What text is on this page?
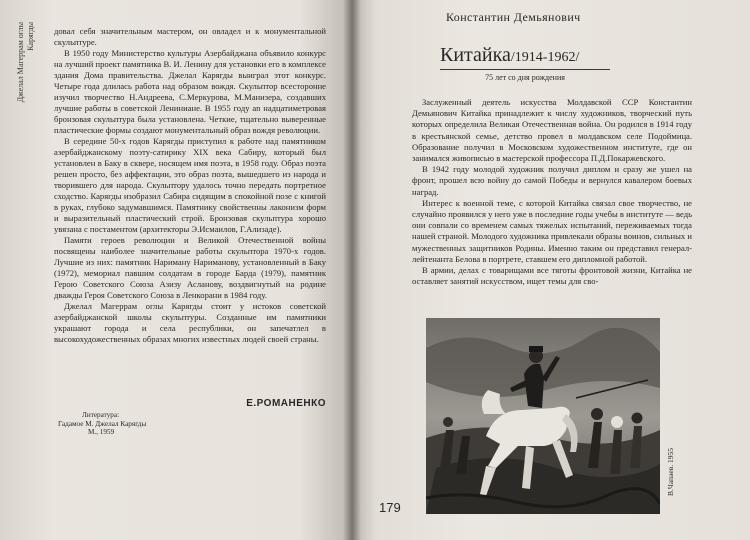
Джелал Магеррам оглы Карягды довал себя значительным мастером, он овладел и к монументальной скульптуре.

В 1950 году Министерство культуры Азербайджана объявило конкурс на лучший проект памятника В. И. Ленину для установки его в комплексе здания Дома правительства. Джелал Карягды выиграл этот конкурс. Четыре года длилась работа над образом вождя. Скульптор всесторонне изучил творчество Н.Андреева, С.Меркурова, М.Манизера, создавших лучшие работы в советской Лениниане. В 1955 году an надцатиметровая бронзовая скульптура была установлена. Четкие, тщательно выверенные пластические формы создают монументальный образ вождя революции.

В середине 50-х годов Карягды приступил к работе над памятником азербайджанскому поэту-сатирику XIX века Сабиру, который был установлен в Баку в сквере, носящем имя поэта, в 1958 году. Образ поэта решен просто, без аффектации, это образ поэта, вышедшего из народа и творившего для народа. Скульптору удалось точно передать портретное сходство. Карягды изобразил Сабира сидящим в спокойной позе с книгой в руках, глубоко задумавшимся. Памятнику свойственны лаконизм форм и выразительный пластический строй. Бронзовая скульптура хорошо увязана с постаментом (архитекторы Э.Исмаилов, Г.Ализаде).

Памяти героев революции и Великой Отечественной войны посвящены наиболее значительные работы скульптора 1970-х годов. Лучшие из них: памятник Нариману Нариманову, установленный в Баку (1972), мемориал павшим солдатам в городе Барда (1979), памятник Герою Советского Союза Азизу Асланову, воздвигнутый на родине дважды Героя Советского Союза в Ленкорани в 1984 году.

Джелал Магеррам оглы Карягды стоит у истоков советской азербайджанской школы скульптуры. Созданные им памятники украшают города и села республики, он запечатлел в высокохудожественных образах многих известных людей своей страны.

Е.РОМАНЕНКО
Литература:
Гадамое М. Джелал Карягды
М., 1959
Константин Демьянович
Китайка/1914-1962/
75 лет со дня рождения

Заслуженный деятель искусства Молдавской ССР Константин Демьянович Китайка принадлежит к числу художников, творческий путь которых определила Великая Отечественная война. Он родился в 1914 году в крестьянской семье, детство провел в молдавском селе Подоймица. Образование получил в Московском художественном институте, где он занимался живописью в мастерской профессора П.Д.Покаржевского.

В 1942 году молодой художник получил диплом и сразу же ушел на фронт, прошел всю войну до самой Победы и вернулся кавалером боевых наград.

Интерес к военной теме, с которой Китайка связал свое творчество, не случайно проявился у него уже в последние годы учебы в институте — ведь они совпали со временем самых тяжелых испытаний, переживаемых тогда нашей страной. Молодого художника привлекали образы воинов, сильных и мужественных защитников Родины. Именно таким он представил генерал-лейтенанта Белова в портрете, ставшем его дипломной работой.

В армии, делах с товарищами все тяготы фронтовой жизни, Китайка не оставляет занятий искусством, ищет темы для сво-

В.Чапаев. 1955
179
